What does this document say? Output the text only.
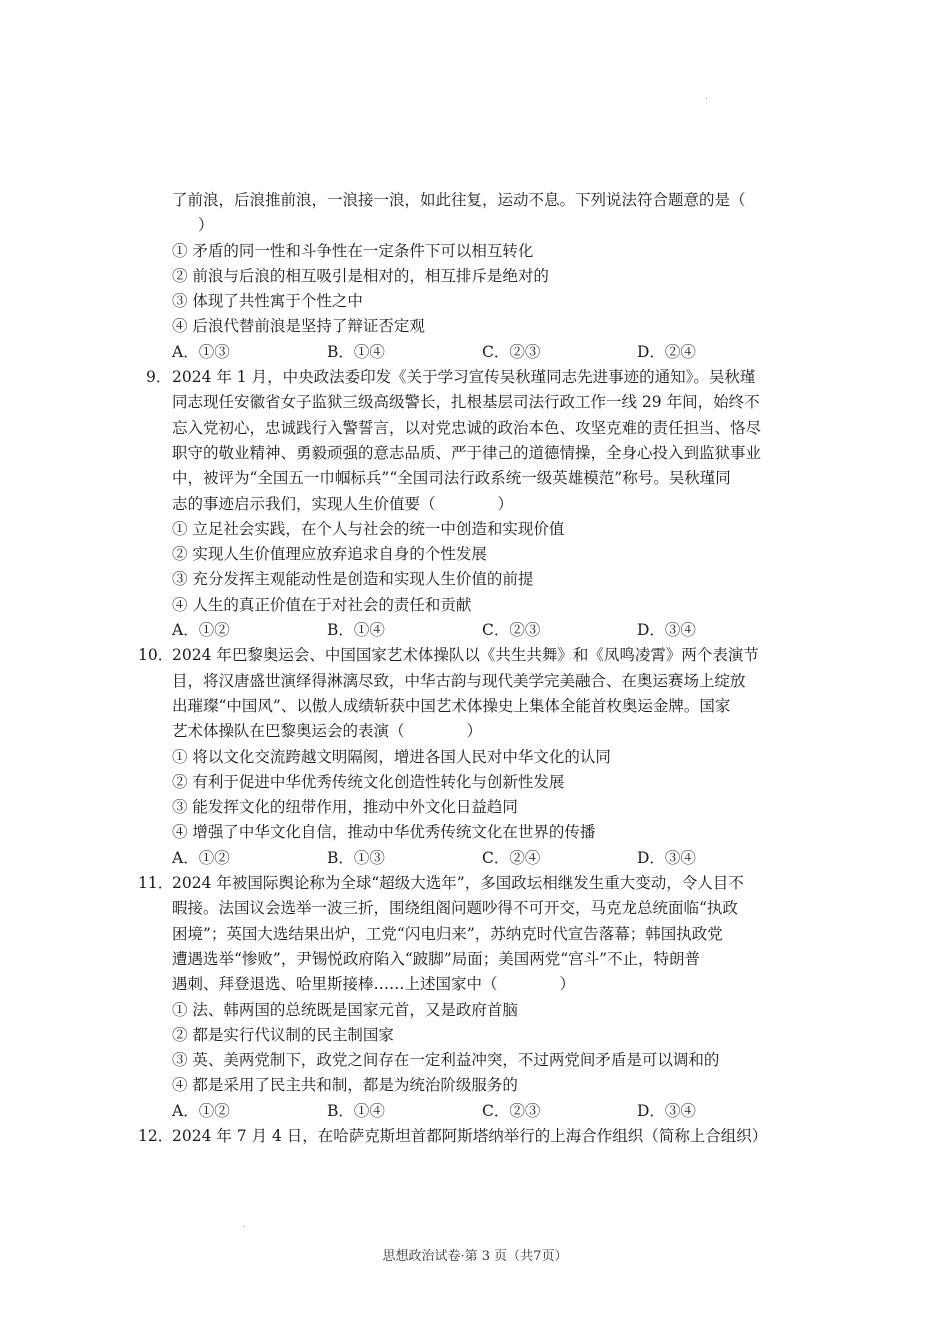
了前浪，后浪推前浪，一浪接一浪，如此往复，运动不息。下列说法符合题意的是（
）
① 矛盾的同一性和斗争性在一定条件下可以相互转化
② 前浪与后浪的相互吸引是相对的，相互排斥是绝对的
③ 体现了共性寓于个性之中
④ 后浪代替前浪是坚持了辩证否定观
A．①③	B．①④	C．②③	D．②④
9．2024 年 1 月，中央政法委印发《关于学习宣传吴秋瑾同志先进事迹的通知》。吴秋瑾
同志现任安徽省女子监狱三级高级警长，扎根基层司法行政工作一线 29 年间，始终不
忘入党初心，忠诚践行入警誓言，以对党忠诚的政治本色、攻坚克难的责任担当、恪尽
职守的敬业精神、勇毅顽强的意志品质、严于律己的道德情操，全身心投入到监狱事业
中，被评为“全国五一巾帼标兵”“全国司法行政系统一级英雄模范”称号。吴秋瑾同
志的事迹启示我们，实现人生价值要（　　　　）
① 立足社会实践，在个人与社会的统一中创造和实现价值
② 实现人生价值理应放弃追求自身的个性发展
③ 充分发挥主观能动性是创造和实现人生价值的前提
④ 人生的真正价值在于对社会的责任和贡献
A．①②	B．①④	C．②③	D．③④
10．2024 年巴黎奥运会、中国国家艺术体操队以《共生共舞》和《凤鸣凌霄》两个表演节
目，将汉唐盛世演绎得淋漓尽致，中华古韵与现代美学完美融合、在奥运赛场上绽放
出璀璨“中国风”、以傲人成绩斩获中国艺术体操史上集体全能首枚奥运金牌。国家
艺术体操队在巴黎奥运会的表演（　　　　）
① 将以文化交流跨越文明隔阂，增进各国人民对中华文化的认同
② 有利于促进中华优秀传统文化创造性转化与创新性发展
③ 能发挥文化的纽带作用，推动中外文化日益趋同
④ 增强了中华文化自信，推动中华优秀传统文化在世界的传播
A．①②	B．①③	C．②④	D．③④
11．2024 年被国际舆论称为全球“超级大选年”，多国政坛相继发生重大变动，令人目不
暇接。法国议会选举一波三折，围绕组阁问题吵得不可开交，马克龙总统面临“执政
困境”；英国大选结果出炉，工党“闪电归来”，苏纳克时代宣告落幕；韩国执政党
遭遇选举“惨败”，尹锡悦政府陷入“跛脚”局面；美国两党“宫斗”不止，特朗普
遇刺、拜登退选、哈里斯接棒……上述国家中（　　　　）
① 法、韩两国的总统既是国家元首，又是政府首脑
② 都是实行代议制的民主制国家
③ 英、美两党制下，政党之间存在一定利益冲突，不过两党间矛盾是可以调和的
④ 都是采用了民主共和制，都是为统治阶级服务的
A．①②	B．①④	C．②③	D．③④
12．2024 年 7 月 4 日，在哈萨克斯坦首都阿斯塔纳举行的上海合作组织（简称上合组织）
思想政治试卷·第 3 页（共7页）
